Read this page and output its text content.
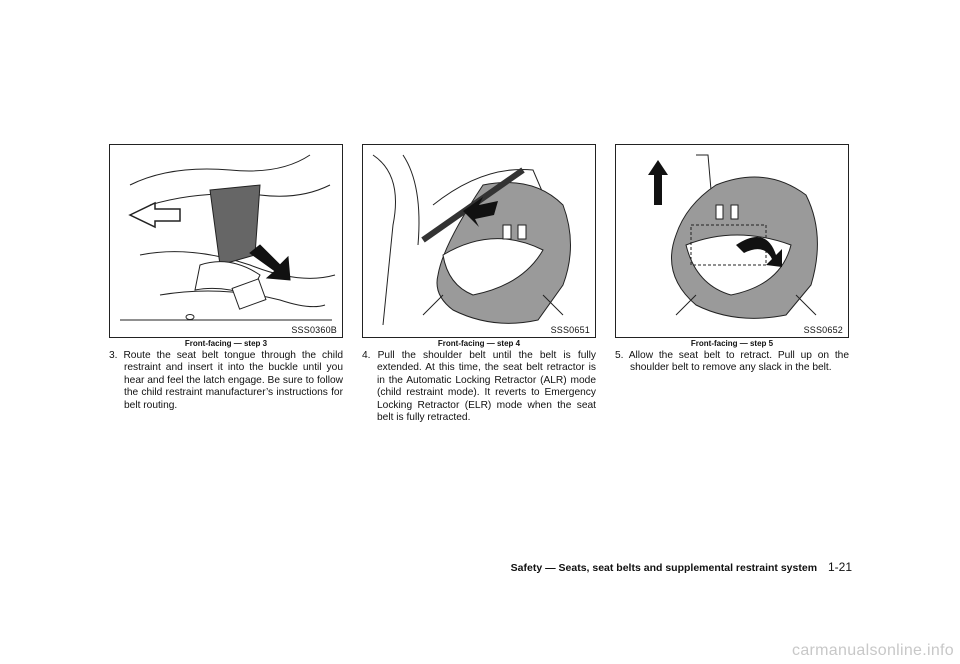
SSS0360B
Front-facing — step 3

3. Route the seat belt tongue through the child restraint and insert it into the buckle until you hear and feel the latch engage. Be sure to follow the child restraint manufacturer’s instructions for belt routing.

SSS0651
Front-facing — step 4

4. Pull the shoulder belt until the belt is fully extended. At this time, the seat belt retractor is in the Automatic Locking Retractor (ALR) mode (child restraint mode). It reverts to Emergency Locking Retractor (ELR) mode when the seat belt is fully retracted.

SSS0652
Front-facing — step 5

5. Allow the seat belt to retract. Pull up on the shoulder belt to remove any slack in the belt.

Safety — Seats, seat belts and supplemental restraint system 1-21
carmanualsonline.info
